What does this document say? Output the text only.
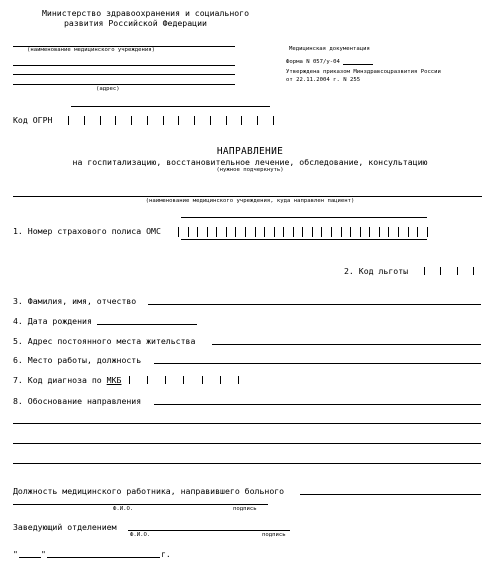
Министерство здравоохранения и социального
развития Российской Федерации
(наименование медицинского учреждения)
(адрес)
Медицинская документация
Форма N 057/у-04
Утверждена приказом Минздравсоцразвития России
от 22.11.2004 г. N 255
Код ОГРН
НАПРАВЛЕНИЕ
на госпитализацию, восстановительное лечение, обследование, консультацию
(нужное подчеркнуть)
(наименование медицинского учреждения, куда направлен пациент)
1. Номер страхового полиса ОМС
2. Код льготы
3. Фамилия, имя, отчество
4. Дата рождения
5. Адрес постоянного места жительства
6. Место работы, должность
7. Код диагноза по МКБ
8. Обоснование направления
Должность медицинского работника, направившего больного
Ф.И.О.	подпись
Заведующий отделением
Ф.И.О.	подпись
"	"	г.
